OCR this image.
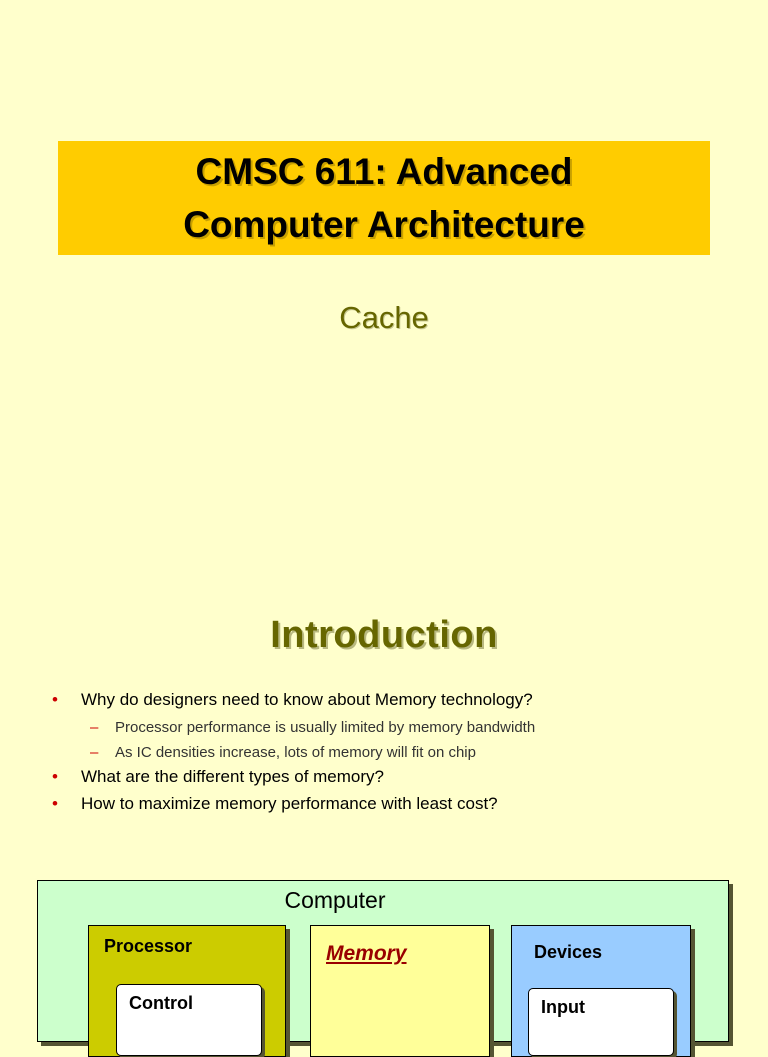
CMSC 611: Advanced
Computer Architecture
Cache
Introduction
• Why do designers need to know about Memory technology?
– Processor performance is usually limited by memory bandwidth
– As IC densities increase, lots of memory will fit on chip
• What are the different types of memory?
• How to maximize memory performance with least cost?
Computer
Processor
Control
Memory	Devices
Input
